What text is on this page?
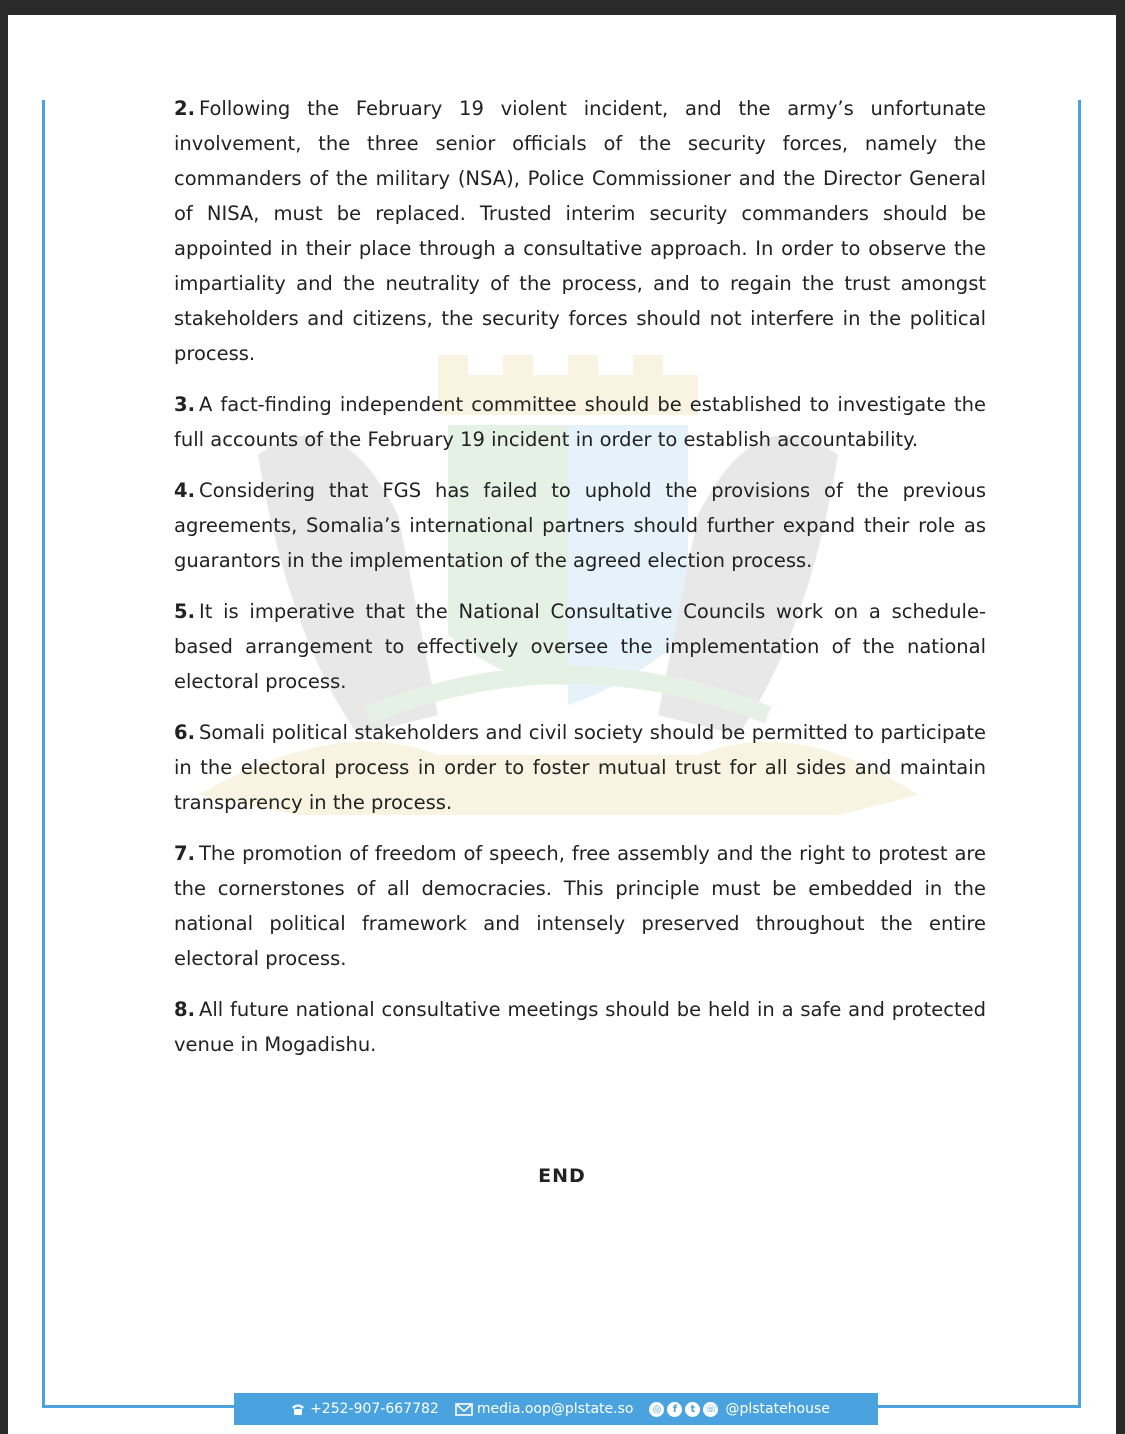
2. Following the February 19 violent incident, and the army’s unfortunate involvement, the three senior officials of the security forces, namely the commanders of the military (NSA), Police Commissioner and the Director General of NISA, must be replaced. Trusted interim security commanders should be appointed in their place through a consultative approach. In order to observe the impartiality and the neutrality of the process, and to regain the trust amongst stakeholders and citizens, the security forces should not interfere in the political process.

3. A fact-finding independent committee should be established to investigate the full accounts of the February 19 incident in order to establish accountability.

4. Considering that FGS has failed to uphold the provisions of the previous agreements, Somalia’s international partners should further expand their role as guarantors in the implementation of the agreed election process.

5. It is imperative that the National Consultative Councils work on a schedule-based arrangement to effectively oversee the implementation of the national electoral process.

6. Somali political stakeholders and civil society should be permitted to participate in the electoral process in order to foster mutual trust for all sides and maintain transparency in the process.

7. The promotion of freedom of speech, free assembly and the right to protest are the cornerstones of all democracies. This principle must be embedded in the national political framework and intensely preserved throughout the entire electoral process.

8. All future national consultative meetings should be held in a safe and protected venue in Mogadishu.

END
+252-907-667782	media.oop@plstate.so	◎	f	t ☏ @plstatehouse
